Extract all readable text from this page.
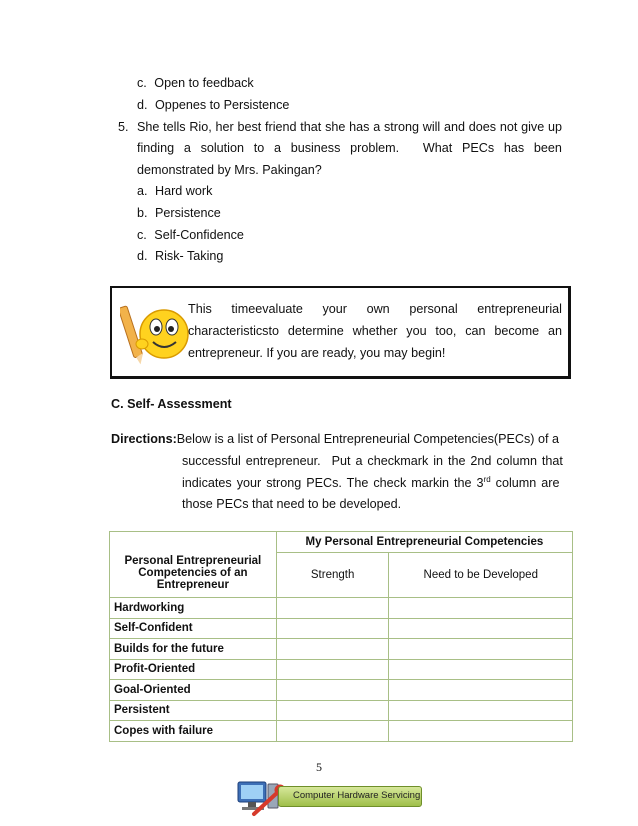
c. Open to feedback
d. Oppenes to Persistence
5. She tells Rio, her best friend that she has a strong will and does not give up
finding a solution to a business problem. What PECs has been
demonstrated by Mrs. Pakingan?
a. Hard work
b. Persistence
c. Self-Confidence
d. Risk- Taking
This timeevaluate your own personal entrepreneurial
characteristicsto determine whether you too, can become an
entrepreneur. If you are ready, you may begin!
C. Self- Assessment
Directions:Below is a list of Personal Entrepreneurial Competencies(PECs) of a
successful entrepreneur. Put a checkmark in the 2nd column that
indicates your strong PECs. The check markin the 3rd column are
those PECs that need to be developed.
Personal Entrepreneurial Competencies of an Entrepreneur	My Personal Entrepreneurial Competencies	
	Strength	Need to be Developed
Hardworking		
Self-Confident		
Builds for the future		
Profit-Oriented		
Goal-Oriented		
Persistent		
Copes with failure		
5
Computer Hardware Servicing
